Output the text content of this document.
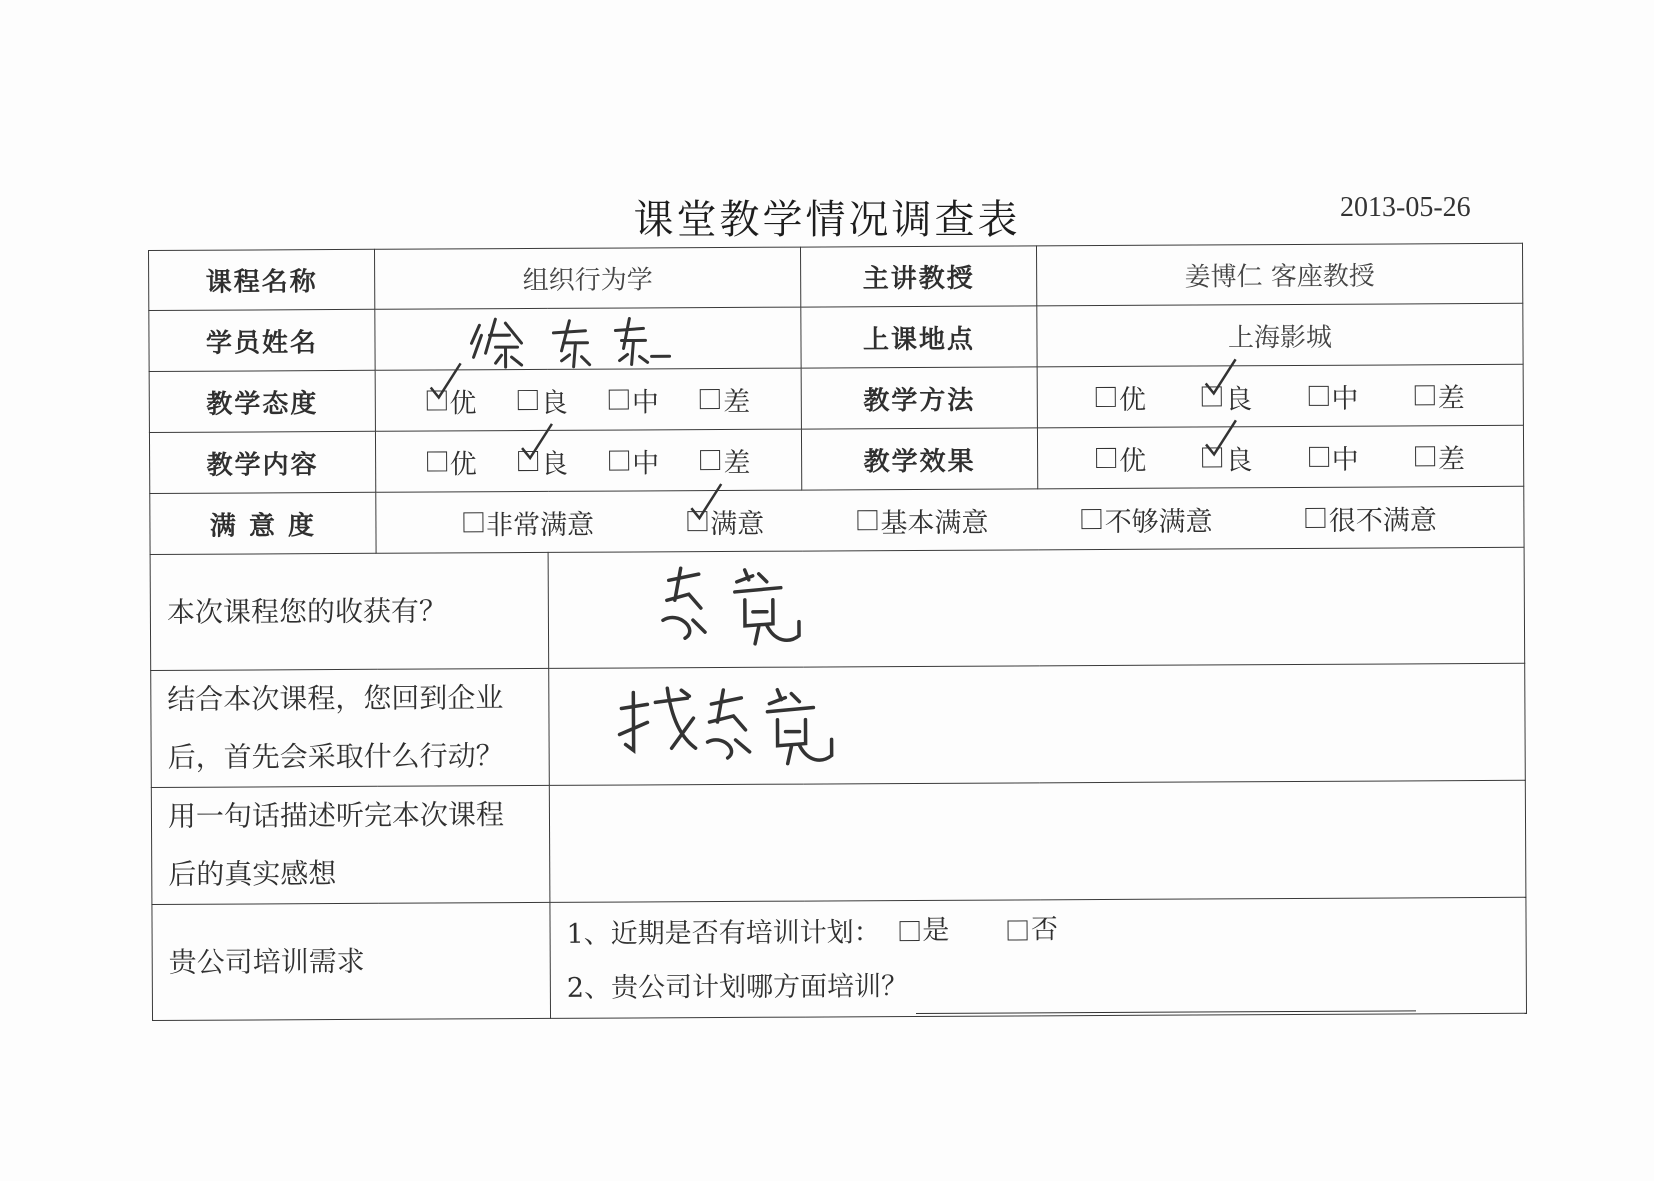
课堂教学情况调查表	2013-05-26
课程名称	组织行为学		主讲教授	姜博仁 客座教授
学员姓名			上课地点	上海影城
教学态度	优 良 中 差		教学方法	优 良 中 差

教学内容	优 良 中 差		教学效果	优 良 中 差

满 意 度	非常满意 满意 基本满意 不够满意 很不满意			

本次课程您的收获有？	

结合本次课程，您回到企业
后，首先会采取什么行动？

用一句话描述听完本次课程
后的真实感想				

贵公司培训需求		1、近期是否有培训计划： 是
否
2、贵公司计划哪方面培训？		
